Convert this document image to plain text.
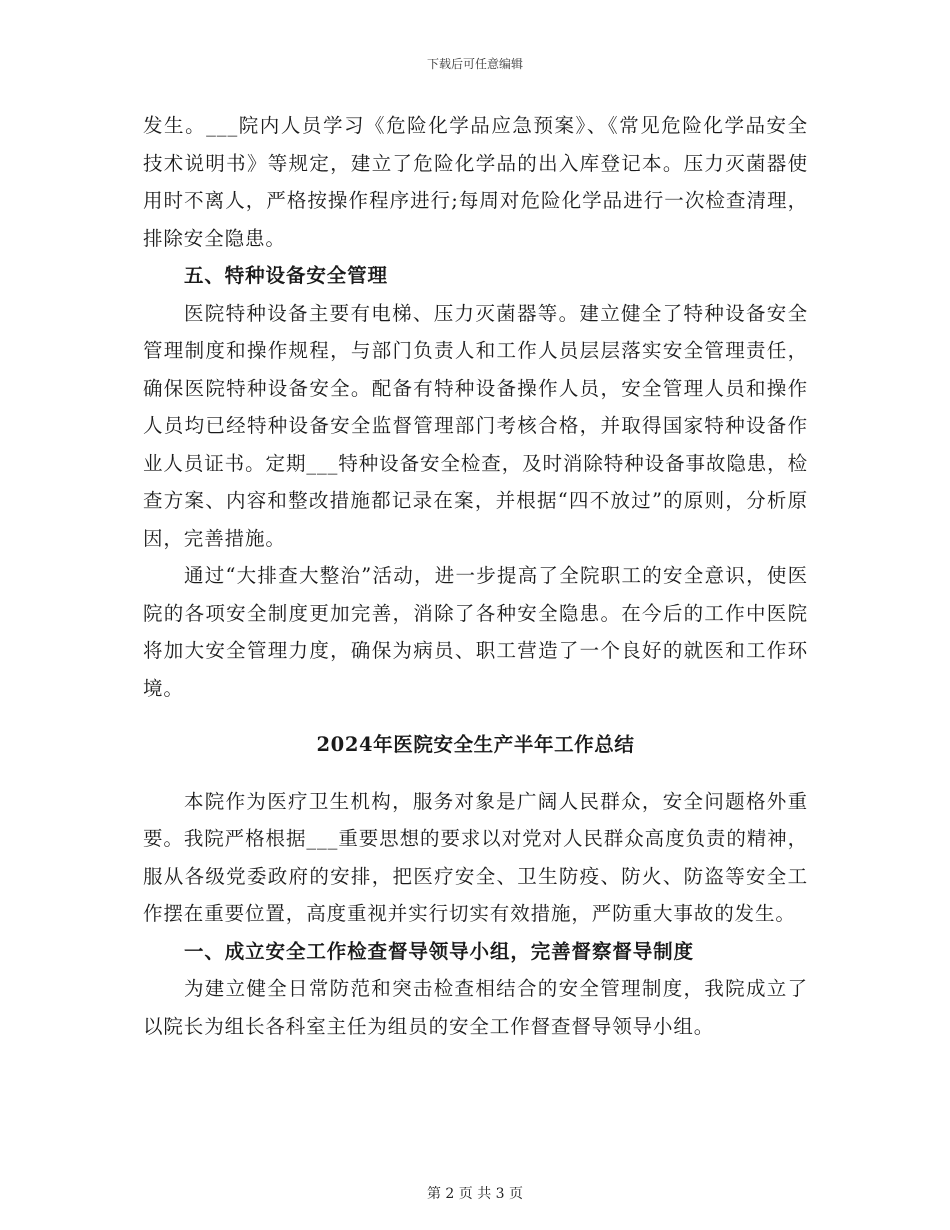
下载后可任意编辑

发生。___院内人员学习《危险化学品应急预案》、《常见危险化学品安全技术说明书》等规定，建立了危险化学品的出入库登记本。压力灭菌器使用时不离人，严格按操作程序进行;每周对危险化学品进行一次检查清理，排除安全隐患。

五、特种设备安全管理

医院特种设备主要有电梯、压力灭菌器等。建立健全了特种设备安全管理制度和操作规程，与部门负责人和工作人员层层落实安全管理责任，确保医院特种设备安全。配备有特种设备操作人员，安全管理人员和操作人员均已经特种设备安全监督管理部门考核合格，并取得国家特种设备作业人员证书。定期___特种设备安全检查，及时消除特种设备事故隐患，检查方案、内容和整改措施都记录在案，并根据“四不放过”的原则，分析原因，完善措施。

通过“大排查大整治”活动，进一步提高了全院职工的安全意识，使医院的各项安全制度更加完善，消除了各种安全隐患。在今后的工作中医院将加大安全管理力度，确保为病员、职工营造了一个良好的就医和工作环境。

2024年医院安全生产半年工作总结

本院作为医疗卫生机构，服务对象是广阔人民群众，安全问题格外重要。我院严格根据___重要思想的要求以对党对人民群众高度负责的精神，服从各级党委政府的安排，把医疗安全、卫生防疫、防火、防盗等安全工作摆在重要位置，高度重视并实行切实有效措施，严防重大事故的发生。

一、成立安全工作检查督导领导小组，完善督察督导制度

为建立健全日常防范和突击检查相结合的安全管理制度，我院成立了以院长为组长各科室主任为组员的安全工作督查督导领导小组。

第 2 页 共 3 页
